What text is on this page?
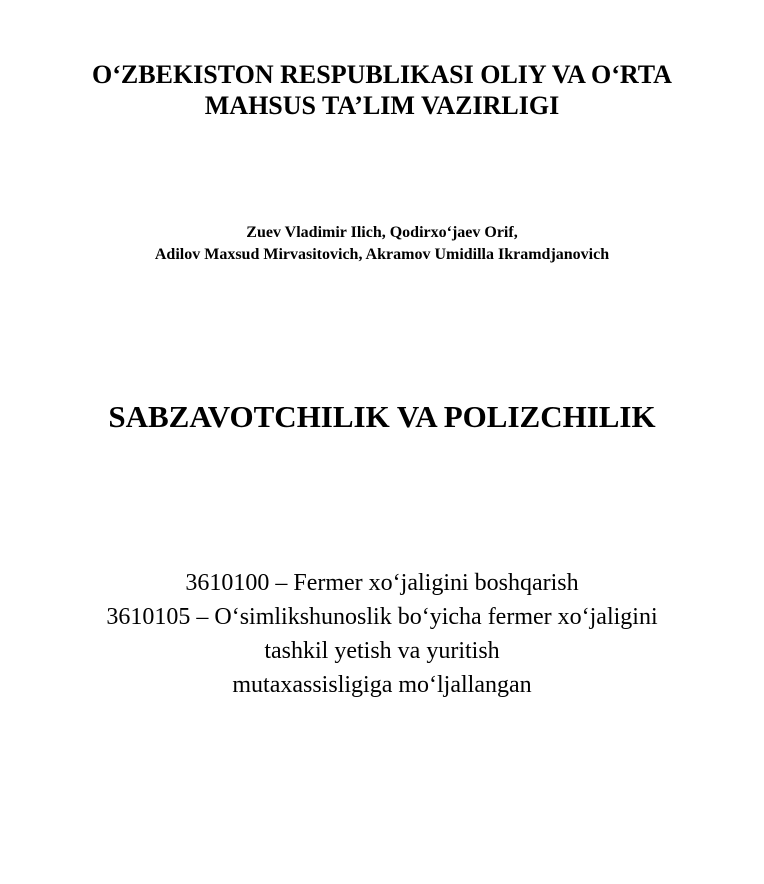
O‘ZBEKISTON RESPUBLIKASI OLIY VA O‘RTA

MAHSUS TA’LIM VAZIRLIGI

Zuev Vladimir Ilich, Qodirxo‘jaev Orif,

Adilov Maxsud Mirvasitovich, Akramov Umidilla Ikramdjanovich

SABZAVOTCHILIK VA POLIZCHILIK

3610100 – Fermer xo‘jaligini boshqarish

3610105 – O‘simlikshunoslik bo‘yicha fermer xo‘jaligini

tashkil yetish va yuritish

mutaxassisligiga mo‘ljallangan
